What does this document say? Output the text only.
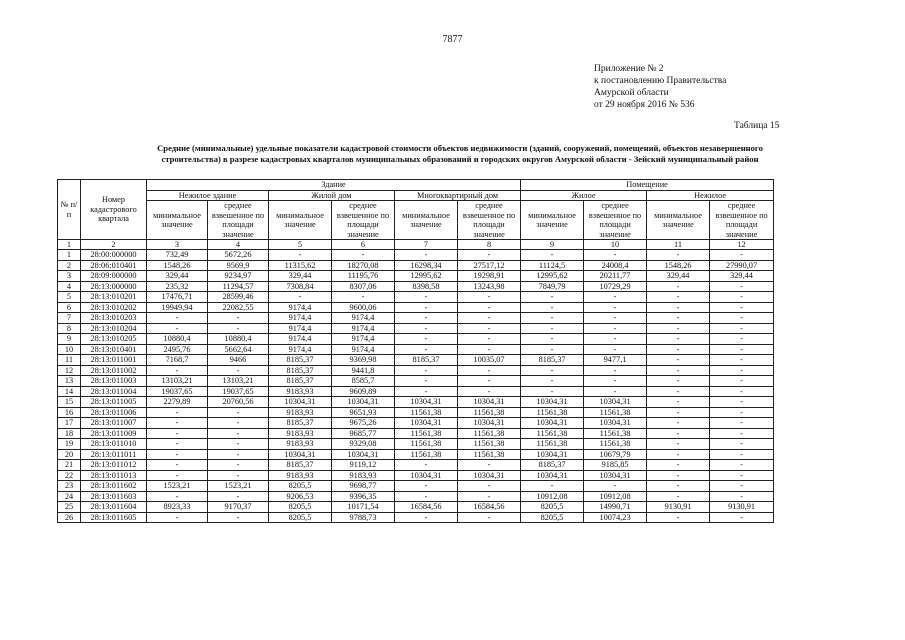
7877
Приложение № 2
к постановлению Правительства
Амурской области
от 29 ноября 2016 № 536
Таблица 15
Средние (минимальные) удельные показатели кадастровой стоимости объектов недвижимости (зданий, сооружений, помещений, объектов незавершенного
строительства) в разрезе кадастровых кварталов муниципальных образований и городских округов Амурской области - Зейский муниципальный район
№ п/п	Номер кадастрового квартала	Здание						Помещение			
		Нежилое здание		Жилой дом		Многоквартирный дом		Жилое		Нежилое	
		минимальное значение	среднее взвешенное по площади значение	минимальное значение	среднее взвешенное по площади значение	минимальное значение	среднее взвешенное по площади значение	минимальное значение	среднее взвешенное по площади значение	минимальное значение	среднее взвешенное по площади значение
1	2	3	4	5	6	7	8	9	10	11	12
1	28:00:000000	732,49	5672,26	-	-	-	-	-	-	-	-
2	28:06:010401	1548,26	9569,9	11315,62	18270,08	16298,34	27517,12	11124,5	24008,4	1548,26	27990,07
3	28:09:000000	329,44	9234,97	329,44	11195,76	12995,62	19298,91	12995,62	20211,77	329,44	329,44
4	28:13:000000	235,32	11294,57	7308,84	8307,06	8398,58	13243,98	7849,79	10729,29	-	-
5	28:13:010201	17476,71	28599,46	-	-	-	-	-	-	-	-
6	28:13:010202	19949,94	22082,55	9174,4	9600,06	-	-	-	-	-	-
7	28:13:010203	-	-	9174,4	9174,4	-	-	-	-	-	-
8	28:13:010204	-	-	9174,4	9174,4	-	-	-	-	-	-
9	28:13:010205	10880,4	10880,4	9174,4	9174,4	-	-	-	-	-	-
10	28:13:010401	2495,76	5662,64	9174,4	9174,4	-	-	-	-	-	-
11	28:13:011001	7168,7	9466	8185,37	9369,98	8185,37	10035,07	8185,37	9477,1	-	-
12	28:13:011002	-	-	8185,37	9441,8	-	-	-	-	-	-
13	28:13:011003	13103,21	13103,21	8185,37	8585,7	-	-	-	-	-	-
14	28:13:011004	19037,65	19037,65	9183,93	9609,89	-	-	-	-	-	-
15	28:13:011005	2279,89	20760,56	10304,31	10304,31	10304,31	10304,31	10304,31	10304,31	-	-
16	28:13:011006	-	-	9183,93	9651,93	11561,38	11561,38	11561,38	11561,38	-	-
17	28:13:011007	-	-	8185,37	9675,26	10304,31	10304,31	10304,31	10304,31	-	-
18	28:13:011009	-	-	9183,93	9685,77	11561,38	11561,38	11561,38	11561,38	-	-
19	28:13:011010	-	-	9183,93	9329,08	11561,38	11561,38	11561,38	11561,38	-	-
20	28:13:011011	-	-	10304,31	10304,31	11561,38	11561,38	10304,31	10679,79	-	-
21	28:13:011012	-	-	8185,37	9119,12	-	-	8185,37	9185,85	-	-
22	28:13:011013	-	-	9183,93	9183,93	10304,31	10304,31	10304,31	10304,31	-	-
23	28:13:011602	1523,21	1523,21	8205,5	9698,77	-	-	-	-	-	-
24	28:13:011603	-	-	9206,53	9396,35	-	-	10912,08	10912,08	-	-
25	28:13:011604	8923,33	9170,37	8205,5	10171,54	16584,56	16584,56	8205,5	14990,71	9130,91	9130,91
26	28:13:011605	-	-	8205,5	9788,73	-	-	8205,5	10074,23	-	-
